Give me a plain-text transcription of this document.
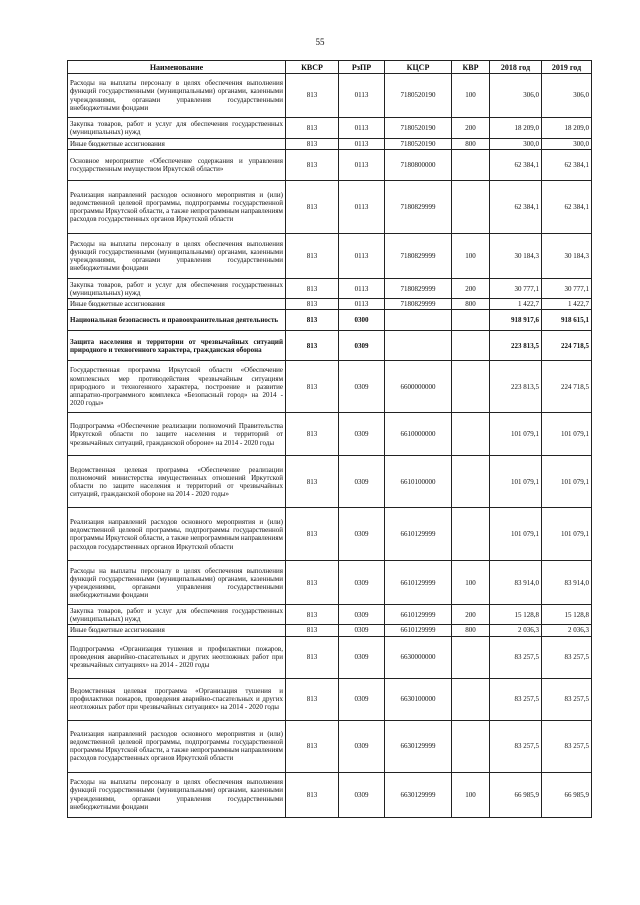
55
Наименование	КВСР	РзПР	КЦСР	КВР	2018 год	2019 год
Расходы на выплаты персоналу в целях обеспечения выполнения функций государственными (муниципальными) органами, казенными учреждениями, органами управления государственными внебюджетными фондами	813	0113	7180520190	100	306,0	306,0
Закупка товаров, работ и услуг для обеспечения государственных (муниципальных) нужд	813	0113	7180520190	200	18 209,0	18 209,0
Иные бюджетные ассигнования	813	0113	7180520190	800	300,0	300,0
Основное мероприятие «Обеспечение содержания и управления государственным имуществом Иркутской области»	813	0113	7180800000		62 384,1	62 384,1
Реализация направлений расходов основного мероприятия и (или) ведомственной целевой программы, подпрограммы государственной программы Иркутской области, а также непрограммным направлениям расходов государственных органов Иркутской области	813	0113	7180829999		62 384,1	62 384,1
Расходы на выплаты персоналу в целях обеспечения выполнения функций государственными (муниципальными) органами, казенными учреждениями, органами управления государственными внебюджетными фондами	813	0113	7180829999	100	30 184,3	30 184,3
Закупка товаров, работ и услуг для обеспечения государственных (муниципальных) нужд	813	0113	7180829999	200	30 777,1	30 777,1
Иные бюджетные ассигнования	813	0113	7180829999	800	1 422,7	1 422,7
Национальная безопасность и правоохранительная деятельность	813	0300			918 917,6	918 615,1
Защита населения и территории от чрезвычайных ситуаций природного и техногенного характера, гражданская оборона	813	0309			223 813,5	224 718,5
Государственная программа Иркутской области «Обеспечение комплексных мер противодействия чрезвычайным ситуациям природного и техногенного характера, построение и развитие аппаратно-программного комплекса «Безопасный город» на 2014 - 2020 годы»	813	0309	6600000000		223 813,5	224 718,5
Подпрограмма «Обеспечение реализации полномочий Правительства Иркутской области по защите населения и территорий от чрезвычайных ситуаций, гражданской обороне» на 2014 - 2020 годы	813	0309	6610000000		101 079,1	101 079,1
Ведомственная целевая программа «Обеспечение реализации полномочий министерства имущественных отношений Иркутской области по защите населения и территорий от чрезвычайных ситуаций, гражданской обороне на 2014 - 2020 годы»	813	0309	6610100000		101 079,1	101 079,1
Реализация направлений расходов основного мероприятия и (или) ведомственной целевой программы, подпрограммы государственной программы Иркутской области, а также непрограммным направлениям расходов государственных органов Иркутской области	813	0309	6610129999		101 079,1	101 079,1
Расходы на выплаты персоналу в целях обеспечения выполнения функций государственными (муниципальными) органами, казенными учреждениями, органами управления государственными внебюджетными фондами	813	0309	6610129999	100	83 914,0	83 914,0
Закупка товаров, работ и услуг для обеспечения государственных (муниципальных) нужд	813	0309	6610129999	200	15 128,8	15 128,8
Иные бюджетные ассигнования	813	0309	6610129999	800	2 036,3	2 036,3
Подпрограмма «Организация тушения и профилактики пожаров, проведения аварийно-спасательных и других неотложных работ при чрезвычайных ситуациях» на 2014 - 2020 годы	813	0309	6630000000		83 257,5	83 257,5
Ведомственная целевая программа «Организация тушения и профилактики пожаров, проведения аварийно-спасательных и других неотложных работ при чрезвычайных ситуациях» на 2014 - 2020 годы	813	0309	6630100000		83 257,5	83 257,5
Реализация направлений расходов основного мероприятия и (или) ведомственной целевой программы, подпрограммы государственной программы Иркутской области, а также непрограммным направлениям расходов государственных органов Иркутской области	813	0309	6630129999		83 257,5	83 257,5
Расходы на выплаты персоналу в целях обеспечения выполнения функций государственными (муниципальными) органами, казенными учреждениями, органами управления государственными внебюджетными фондами	813	0309	6630129999	100	66 985,9	66 985,9
